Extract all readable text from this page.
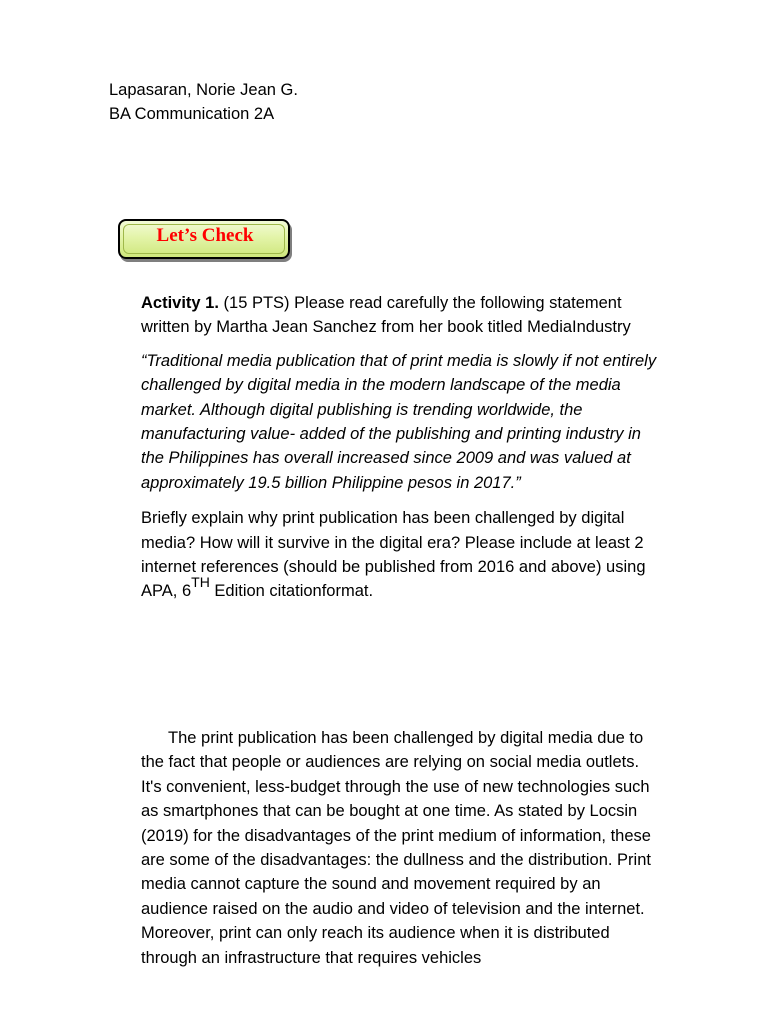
Lapasaran, Norie Jean G.
BA Communication 2A
Let’s Check

Activity 1. (15 PTS) Please read carefully the following statement written by Martha Jean Sanchez from her book titled MediaIndustry

“Traditional media publication that of print media is slowly if not entirely challenged by digital media in the modern landscape of the media market. Although digital publishing is trending worldwide, the manufacturing value- added of the publishing and printing industry in the Philippines has overall increased since 2009 and was valued at approximately 19.5 billion Philippine pesos in 2017.”

Briefly explain why print publication has been challenged by digital media? How will it survive in the digital era? Please include at least 2 internet references (should be published from 2016 and above) using APA, 6TH Edition citationformat.

The print publication has been challenged by digital media due to the fact that people or audiences are relying on social media outlets. It's convenient, less-budget through the use of new technologies such as smartphones that can be bought at one time. As stated by Locsin (2019) for the disadvantages of the print medium of information, these are some of the disadvantages: the dullness and the distribution. Print media cannot capture the sound and movement required by an audience raised on the audio and video of television and the internet. Moreover, print can only reach its audience when it is distributed through an infrastructure that requires vehicles
